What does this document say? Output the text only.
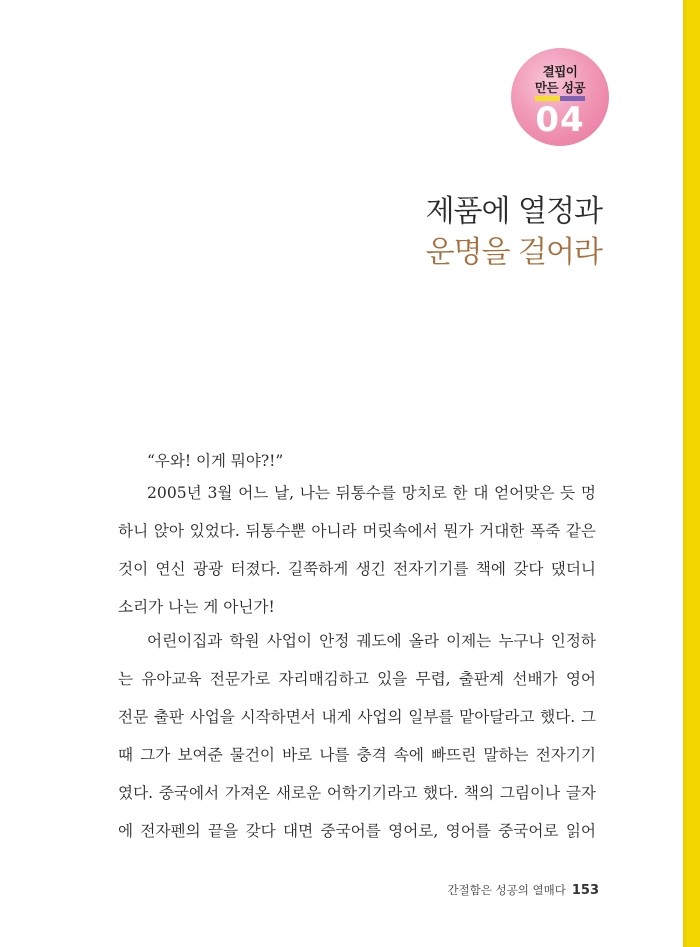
결핍이
만든 성공
04
제품에 열정과
운명을 걸어라
“우와! 이게 뭐야?!”
2005년 3월 어느 날, 나는 뒤통수를 망치로 한 대 얻어맞은 듯 멍
하니 앉아 있었다. 뒤통수뿐 아니라 머릿속에서 뭔가 거대한 폭죽 같은
것이 연신 광광 터졌다. 길쭉하게 생긴 전자기기를 책에 갖다 댔더니
소리가 나는 게 아닌가!
어린이집과 학원 사업이 안정 궤도에 올라 이제는 누구나 인정하
는 유아교육 전문가로 자리매김하고 있을 무렵, 출판계 선배가 영어
전문 출판 사업을 시작하면서 내게 사업의 일부를 맡아달라고 했다. 그
때 그가 보여준 물건이 바로 나를 충격 속에 빠뜨린 말하는 전자기기
였다. 중국에서 가져온 새로운 어학기기라고 했다. 책의 그림이나 글자
에 전자펜의 끝을 갖다 대면 중국어를 영어로, 영어를 중국어로 읽어
간절함은 성공의 열매다 153
